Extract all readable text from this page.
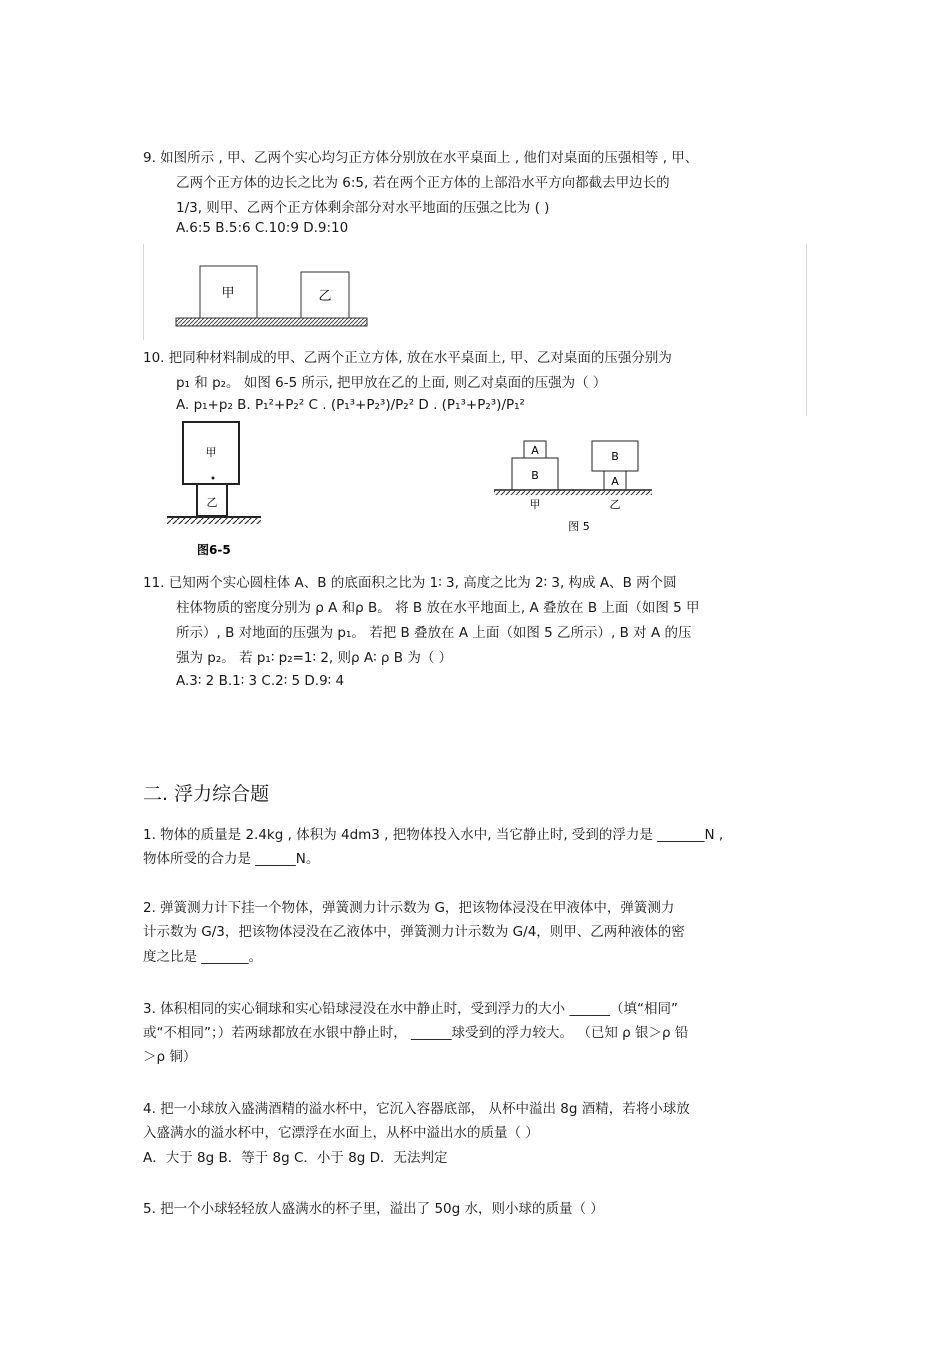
9. 如图所示 , 甲、乙两个实心均匀正方体分别放在水平桌面上 , 他们对桌面的压强相等 , 甲、
乙两个正方体的边长之比为 6:5, 若在两个正方体的上部沿水平方向都截去甲边长的
1/3, 则甲、乙两个正方体剩余部分对水平地面的压强之比为 ( )
A.6:5 B.5:6 C.10:9 D.9:10
甲	乙
10. 把同种材料制成的甲、乙两个正立方体, 放在水平桌面上, 甲、乙对桌面的压强分别为
p₁ 和 p₂。 如图 6-5 所示, 把甲放在乙的上面, 则乙对桌面的压强为（ ）
A. p₁+p₂ B. P₁²+P₂² C . (P₁³+P₂³)/P₂² D . (P₁³+P₂³)/P₁²
甲
乙
图6-5
A
B
甲
B
A
乙
图 5
11. 已知两个实心圆柱体 A、B 的底面积之比为 1∶ 3, 高度之比为 2∶ 3, 构成 A、B 两个圆
柱体物质的密度分别为 ρ A 和ρ B。 将 B 放在水平地面上, A 叠放在 B 上面（如图 5 甲
所示）, B 对地面的压强为 p₁。 若把 B 叠放在 A 上面（如图 5 乙所示）, B 对 A 的压
强为 p₂。 若 p₁∶ p₂=1∶ 2, 则ρ A∶ ρ B 为（ ）
A.3∶ 2 B.1∶ 3 C.2∶ 5 D.9∶ 4
二. 浮力综合题
1. 物体的质量是 2.4kg , 体积为 4dm3 , 把物体投入水中, 当它静止时, 受到的浮力是 _______N ,
物体所受的合力是 ______N。
2. 弹簧测力计下挂一个物体，弹簧测力计示数为 G，把该物体浸没在甲液体中，弹簧测力
计示数为 G/3，把该物体浸没在乙液体中，弹簧测力计示数为 G/4，则甲、乙两种液体的密
度之比是 _______。
3. 体积相同的实心铜球和实心铅球浸没在水中静止时，受到浮力的大小 ______（填“相同”
或“不相同”；）若两球都放在水银中静止时， ______球受到的浮力较大。 （已知 ρ 银＞ρ 铅
＞ρ 铜）
4. 把一小球放入盛满酒精的溢水杯中，它沉入容器底部， 从杯中溢出 8g 酒精，若将小球放
入盛满水的溢水杯中，它漂浮在水面上，从杯中溢出水的质量（ ）
A．大于 8g B．等于 8g C．小于 8g D．无法判定
5. 把一个小球轻轻放人盛满水的杯子里，溢出了 50g 水，则小球的质量（ ）
